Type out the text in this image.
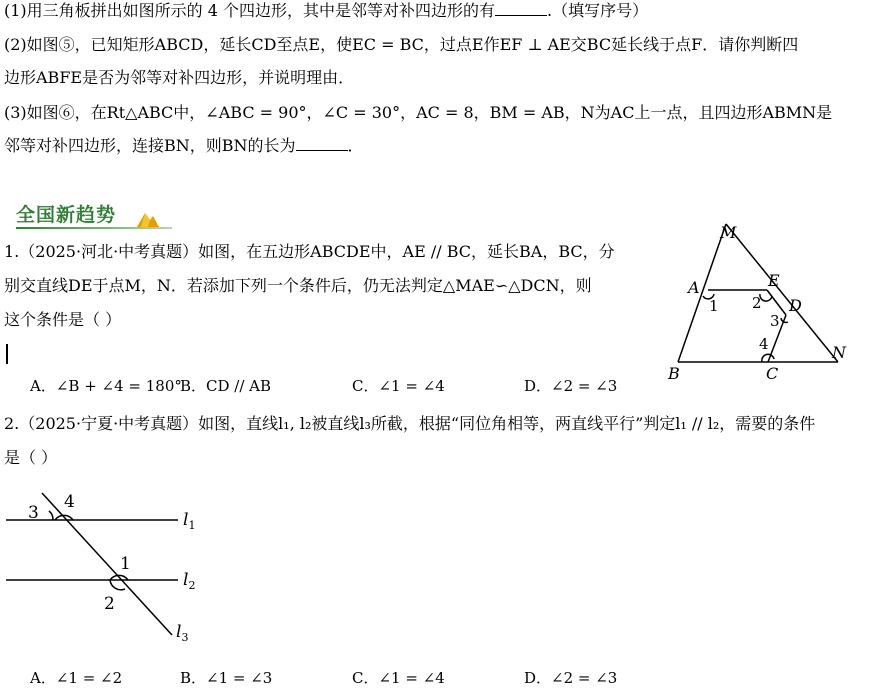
(1)用三角板拼出如图所示的 4 个四边形，其中是邻等对补四边形的有	.（填写序号）
(2)如图⑤，已知矩形ABCD，延长CD至点E，使EC = BC，过点E作EF ⊥ AE交BC延长线于点F．请你判断四
边形ABFE是否为邻等对补四边形，并说明理由．
(3)如图⑥，在Rt△ABC中，∠ABC = 90°，∠C = 30°，AC = 8，BM = AB，N为AC上一点，且四边形ABMN是
邻等对补四边形，连接BN，则BN的长为	．
全国新趋势
1.（2025·河北·中考真题）如图，在五边形ABCDE中，AE // BC，延长BA，BC，分
别交直线DE于点M，N．若添加下列一个条件后，仍无法判定△MAE∽△DCN，则
这个条件是（ ）
A．∠B + ∠4 = 180°
B．CD // AB	C．∠1 = ∠4	D．∠2 = ∠3
M
A	E
D
B	C
N
1 2
3
4
2.（2025·宁夏·中考真题）如图，直线l₁, l₂被直线l₃所截，根据“同位角相等，两直线平行”判定l₁ // l₂，需要的条件
是（ ）
3
4
1
2
$l_1$
$l_2$
$l_3$
A．∠1 = ∠2	B．∠1 = ∠3	C．∠1 = ∠4	D．∠2 = ∠3
